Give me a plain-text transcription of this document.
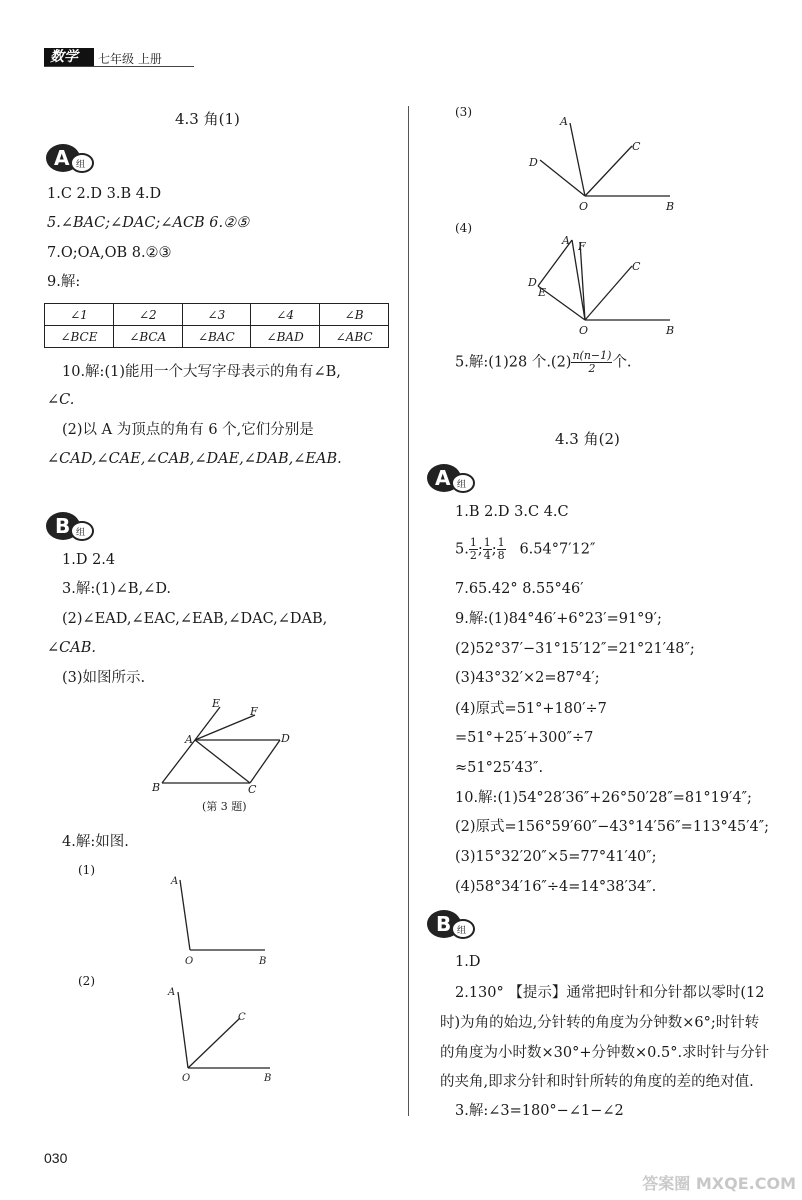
数学	七年级 上册
4.3 角(1)
A 组
1.C 2.D 3.B 4.D
5.∠BAC;∠DAC;∠ACB 6.②⑤
7.O;OA,OB 8.②③
9.解:
∠1	∠2	∠3	∠4	∠B
∠BCE	∠BCA	∠BAC	∠BAD	∠ABC
10.解:(1)能用一个大写字母表示的角有∠B,
∠C.
(2)以 A 为顶点的角有 6 个,它们分别是
∠CAD,∠CAE,∠CAB,∠DAE,∠DAB,∠EAB.
B 组
1.D 2.4
3.解:(1)∠B,∠D.
(2)∠EAD,∠EAC,∠EAB,∠DAC,∠DAB,
∠CAB.
(3)如图所示.
E
F
A	D
B	C
(第 3 题)
4.解:如图.
(1)
A
O	B
(2)
A
C
O	B
(3)
A
C
D
O	B
(4)
A F
C
D
E
O	B
5.解:(1)28 个$.(2) \frac{n(n-1)}{2}$ 个.
4.3 角(2)
A 组
1.B 2.D 3.C 4.C
5. $\frac{1}{2}$ ; $\frac{1}{4}$ ; $\frac{1}{8} 6.54^\circ 7'12''$
7.65.42° 8.55°46′
9.解:(1)84°46′+6°23′=91°9′;
(2)52°37′−31°15′12″=21°21′48″;
(3)43°32′×2=87°4′;
(4)原式=51°+180′÷7
=51°+25′+300″÷7
≈51°25′43″.
10.解:(1)54°28′36″+26°50′28″=81°19′4″;
(2)原式=156°59′60″−43°14′56″=113°45′4″;
(3)15°32′20″×5=77°41′40″;
(4)58°34′16″÷4=14°38′34″.
B 组
1.D
2.130° 【提示】通常把时针和分针都以零时(12
时)为角的始边,分针转的角度为分钟数×6°;时针转
的角度为小时数×30°+分钟数×0.5°.求时针与分针
的夹角,即求分针和时针所转的角度的差的绝对值.
3.解:∠3=180°−∠1−∠2
030
答案圈 MXQE.COM
